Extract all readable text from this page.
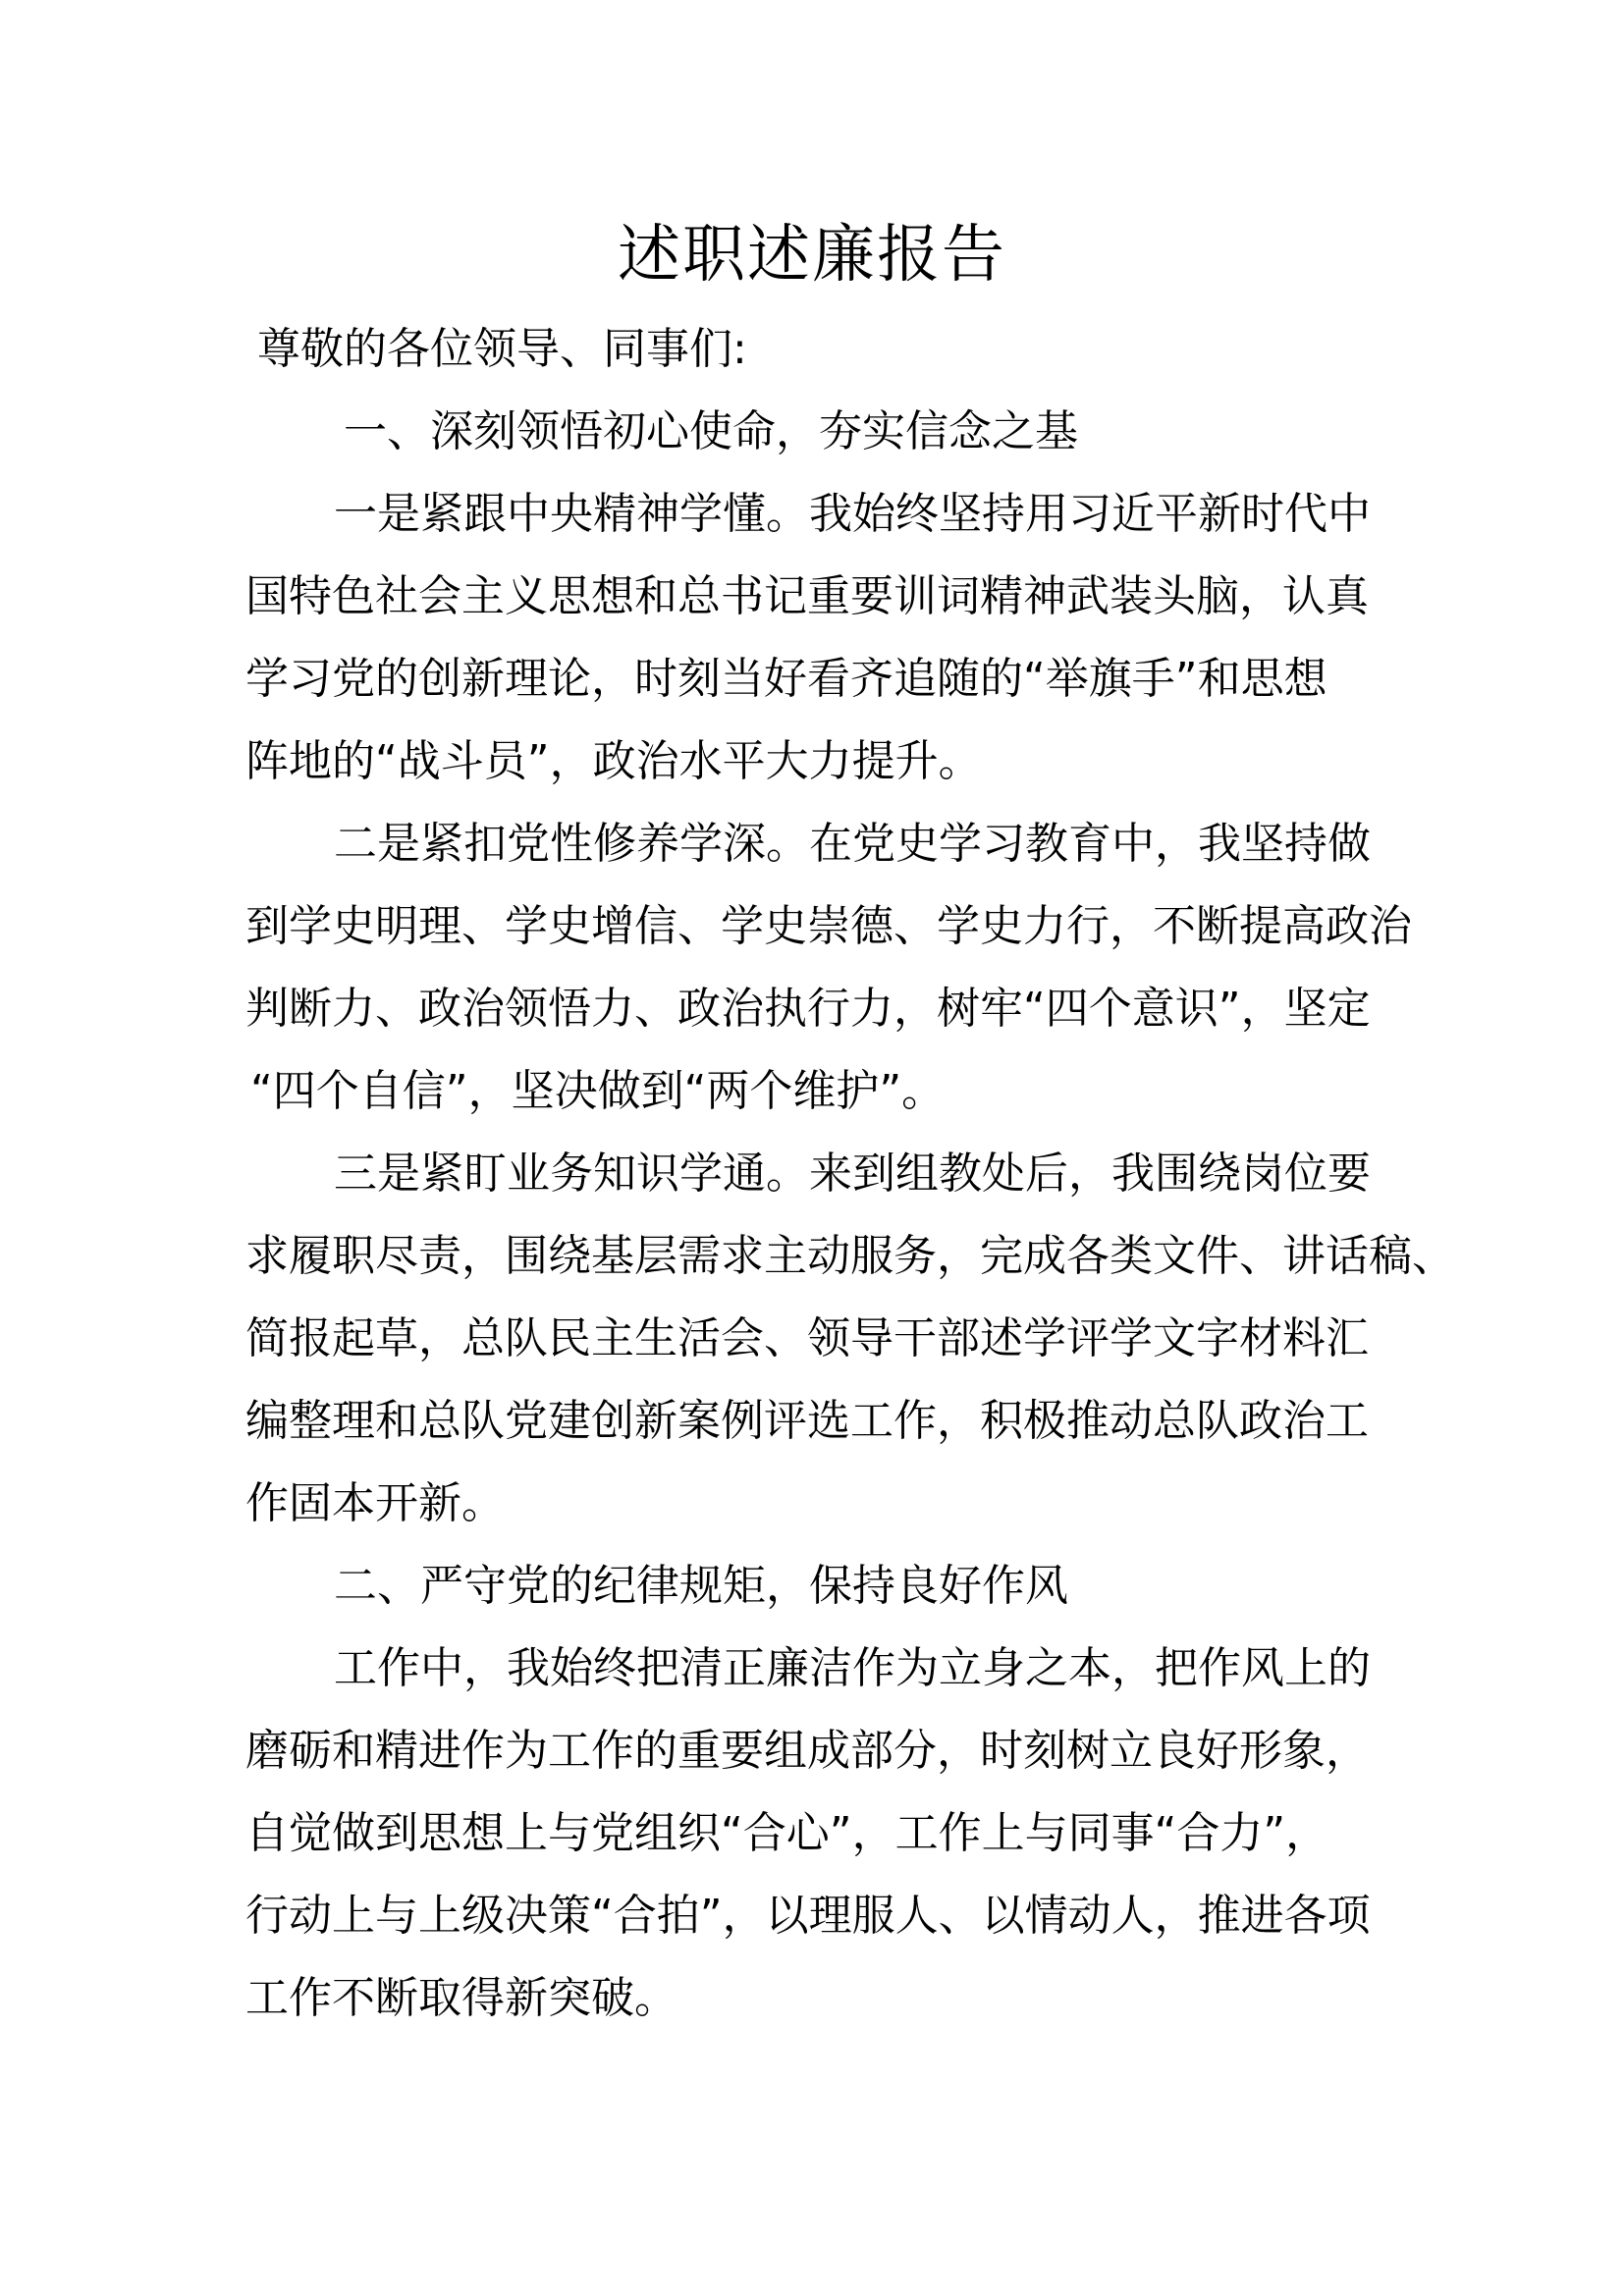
述职述廉报告
尊敬的各位领导、同事们:
一、深刻领悟初心使命，夯实信念之基
一是紧跟中央精神学懂。我始终坚持用习近平新时代中
国特色社会主义思想和总书记重要训词精神武装头脑，认真
学习党的创新理论，时刻当好看齐追随的“举旗手”和思想
阵地的“战斗员”，政治水平大力提升。
二是紧扣党性修养学深。在党史学习教育中，我坚持做
到学史明理、学史增信、学史崇德、学史力行，不断提高政治
判断力、政治领悟力、政治执行力，树牢“四个意识”，坚定
“四个自信”，坚决做到“两个维护”。
三是紧盯业务知识学通。来到组教处后，我围绕岗位要
求履职尽责，围绕基层需求主动服务，完成各类文件、讲话稿、
简报起草，总队民主生活会、领导干部述学评学文字材料汇
编整理和总队党建创新案例评选工作，积极推动总队政治工
作固本开新。
二、严守党的纪律规矩，保持良好作风
工作中，我始终把清正廉洁作为立身之本，把作风上的
磨砺和精进作为工作的重要组成部分，时刻树立良好形象，
自觉做到思想上与党组织“合心”，工作上与同事“合力”，
行动上与上级决策“合拍”，以理服人、以情动人，推进各项
工作不断取得新突破。
